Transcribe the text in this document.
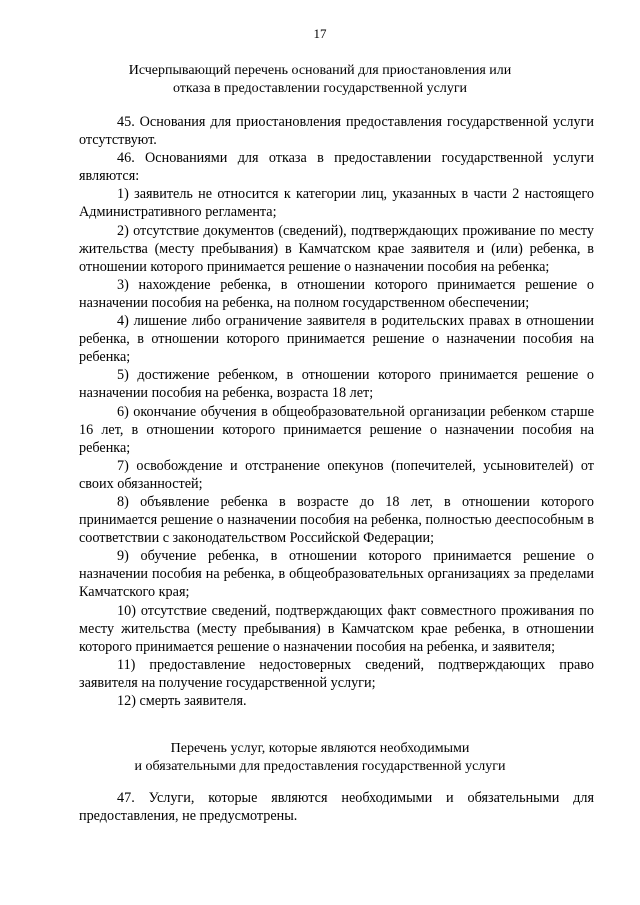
17
Исчерпывающий перечень оснований для приостановления или
отказа в предоставлении государственной услуги

45. Основания для приостановления предоставления государственной услуги отсутствуют.

46. Основаниями для отказа в предоставлении государственной услуги являются:

1) заявитель не относится к категории лиц, указанных в части 2 настоящего Административного регламента;

2) отсутствие документов (сведений), подтверждающих проживание по месту жительства (месту пребывания) в Камчатском крае заявителя и (или) ребенка, в отношении которого принимается решение о назначении пособия на ребенка;

3) нахождение ребенка, в отношении которого принимается решение о назначении пособия на ребенка, на полном государственном обеспечении;

4) лишение либо ограничение заявителя в родительских правах в отношении ребенка, в отношении которого принимается решение о назначении пособия на ребенка;

5) достижение ребенком, в отношении которого принимается решение о назначении пособия на ребенка, возраста 18 лет;

6) окончание обучения в общеобразовательной организации ребенком старше 16 лет, в отношении которого принимается решение о назначении пособия на ребенка;

7) освобождение и отстранение опекунов (попечителей, усыновителей) от своих обязанностей;

8) объявление ребенка в возрасте до 18 лет, в отношении которого принимается решение о назначении пособия на ребенка, полностью дееспособным в соответствии с законодательством Российской Федерации;

9) обучение ребенка, в отношении которого принимается решение о назначении пособия на ребенка, в общеобразовательных организациях за пределами Камчатского края;

10) отсутствие сведений, подтверждающих факт совместного проживания по месту жительства (месту пребывания) в Камчатском крае ребенка, в отношении которого принимается решение о назначении пособия на ребенка, и заявителя;

11) предоставление недостоверных сведений, подтверждающих право заявителя на получение государственной услуги;

12) смерть заявителя.

Перечень услуг, которые являются необходимыми
и обязательными для предоставления государственной услуги

47. Услуги, которые являются необходимыми и обязательными для предоставления, не предусмотрены.
